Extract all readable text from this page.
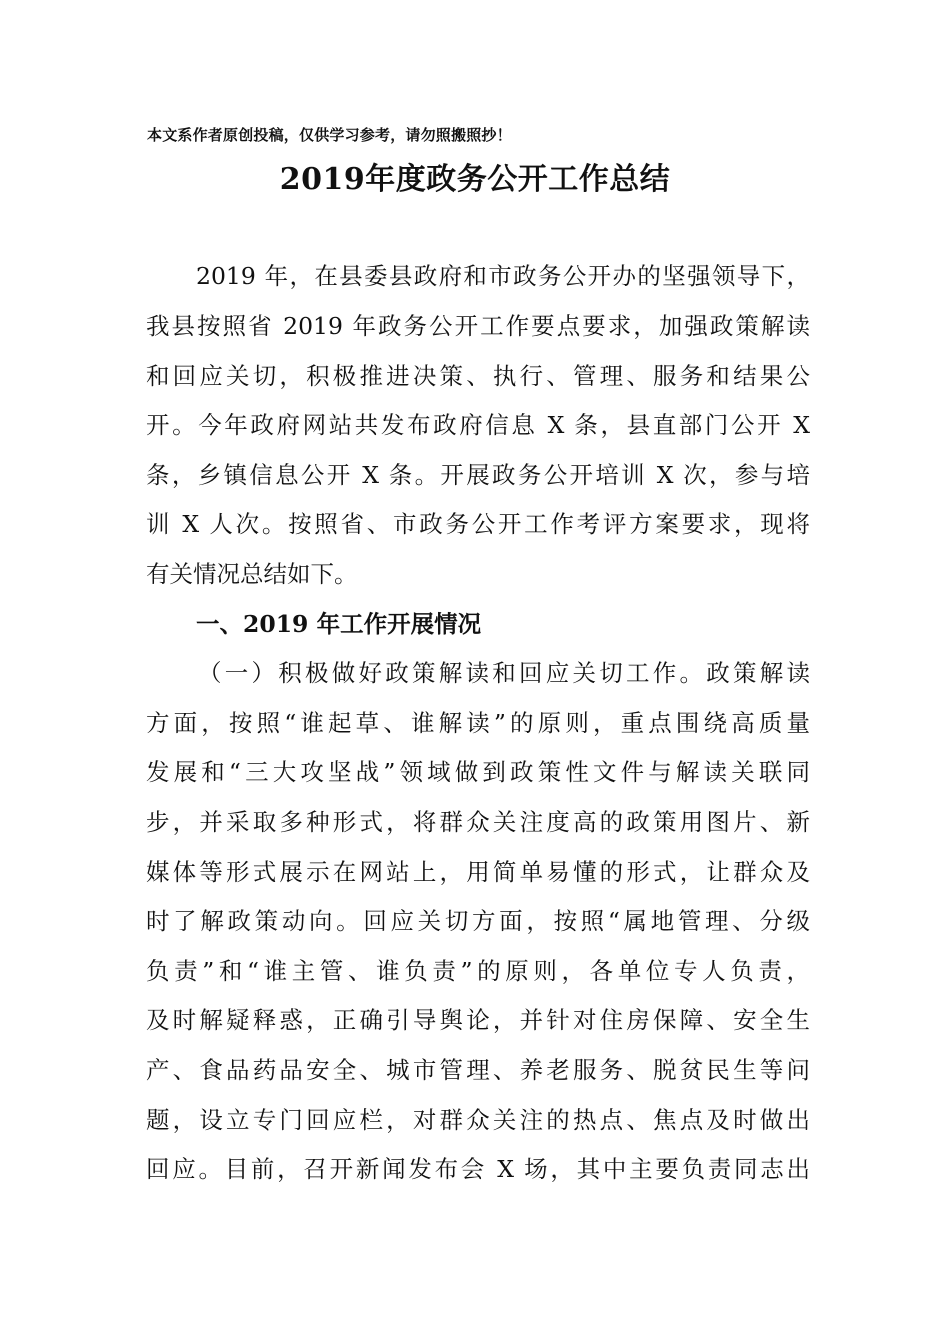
本文系作者原创投稿，仅供学习参考，请勿照搬照抄！
2019年度政务公开工作总结
2019 年，在县委县政府和市政务公开办的坚强领导下，
我县按照省 2019 年政务公开工作要点要求，加强政策解读
和回应关切，积极推进决策、执行、管理、服务和结果公
开。今年政府网站共发布政府信息 X 条，县直部门公开 X
条，乡镇信息公开 X 条。开展政务公开培训 X 次，参与培
训 X 人次。按照省、市政务公开工作考评方案要求，现将
有关情况总结如下。
一、2019 年工作开展情况
（一）积极做好政策解读和回应关切工作。政策解读
方面，按照“谁起草、谁解读”的原则，重点围绕高质量
发展和“三大攻坚战”领域做到政策性文件与解读关联同
步，并采取多种形式，将群众关注度高的政策用图片、新
媒体等形式展示在网站上，用简单易懂的形式，让群众及
时了解政策动向。回应关切方面，按照“属地管理、分级
负责”和“谁主管、谁负责”的原则，各单位专人负责，
及时解疑释惑，正确引导舆论，并针对住房保障、安全生
产、食品药品安全、城市管理、养老服务、脱贫民生等问
题，设立专门回应栏，对群众关注的热点、焦点及时做出
回应。目前，召开新闻发布会 X 场，其中主要负责同志出
